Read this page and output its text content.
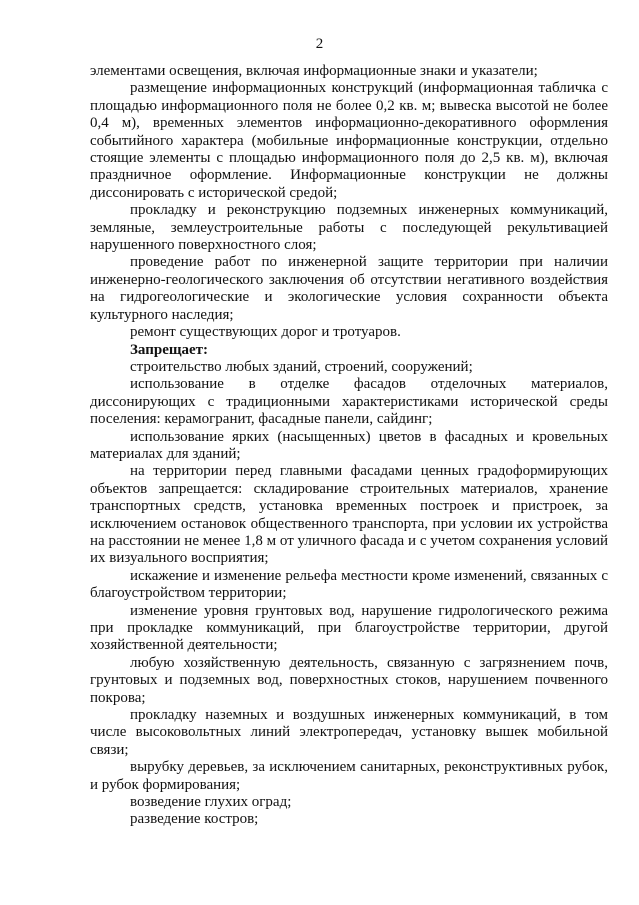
2

элементами освещения, включая информационные знаки и указатели;

размещение информационных конструкций (информационная табличка с площадью информационного поля не более 0,2 кв. м; вывеска высотой не более 0,4 м), временных элементов информационно-декоративного оформления событийного характера (мобильные информационные конструкции, отдельно стоящие элементы с площадью информационного поля до 2,5 кв. м), включая праздничное оформление. Информационные конструкции не должны диссонировать с исторической средой;

прокладку и реконструкцию подземных инженерных коммуникаций, земляные, землеустроительные работы с последующей рекультивацией нарушенного поверхностного слоя;

проведение работ по инженерной защите территории при наличии инженерно-геологического заключения об отсутствии негативного воздействия на гидрогеологические и экологические условия сохранности объекта культурного наследия;

ремонт существующих дорог и тротуаров.

Запрещает:

строительство любых зданий, строений, сооружений;

использование в отделке фасадов отделочных материалов, диссонирующих с традиционными характеристиками исторической среды поселения: керамогранит, фасадные панели, сайдинг;

использование ярких (насыщенных) цветов в фасадных и кровельных материалах для зданий;

на территории перед главными фасадами ценных градоформирующих объектов запрещается: складирование строительных материалов, хранение транспортных средств, установка временных построек и пристроек, за исключением остановок общественного транспорта, при условии их устройства на расстоянии не менее 1,8 м от уличного фасада и с учетом сохранения условий их визуального восприятия;

искажение и изменение рельефа местности кроме изменений, связанных с благоустройством территории;

изменение уровня грунтовых вод, нарушение гидрологического режима при прокладке коммуникаций, при благоустройстве территории, другой хозяйственной деятельности;

любую хозяйственную деятельность, связанную с загрязнением почв, грунтовых и подземных вод, поверхностных стоков, нарушением почвенного покрова;

прокладку наземных и воздушных инженерных коммуникаций, в том числе высоковольтных линий электропередач, установку вышек мобильной связи;

вырубку деревьев, за исключением санитарных, реконструктивных рубок, и рубок формирования;

возведение глухих оград;

разведение костров;
